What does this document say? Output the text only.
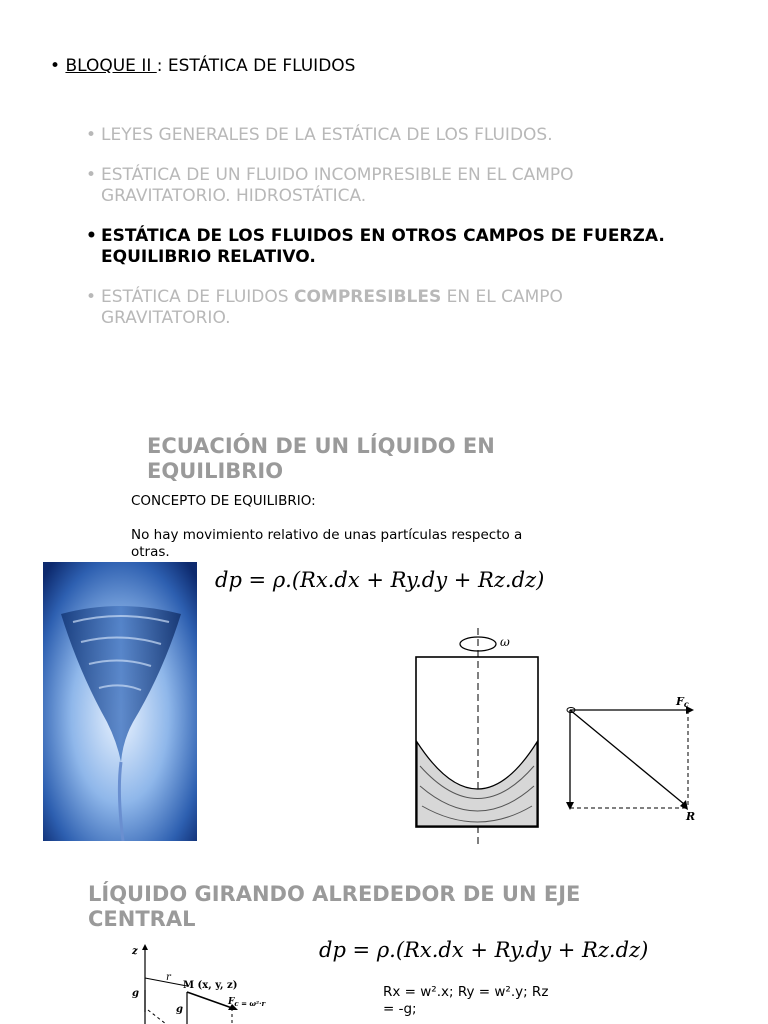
• BLOQUE II : ESTÁTICA DE FLUIDOS
• LEYES GENERALES DE LA ESTÁTICA DE LOS FLUIDOS.
• ESTÁTICA DE UN FLUIDO INCOMPRESIBLE EN EL CAMPO
GRAVITATORIO. HIDROSTÁTICA.
• ESTÁTICA DE LOS FLUIDOS EN OTROS CAMPOS DE FUERZA.
EQUILIBRIO RELATIVO.
• ESTÁTICA DE FLUIDOS COMPRESIBLES EN EL CAMPO
GRAVITATORIO.
ECUACIÓN DE UN LÍQUIDO EN
EQUILIBRIO
CONCEPTO DE EQUILIBRIO:
No hay movimiento relativo de unas partículas respecto a
otras.
dp = ρ.(Rx.dx + Ry.dy + Rz.dz)
ω
Fc
R
LÍQUIDO GIRANDO ALREDEDOR DE UN EJE
CENTRAL
dp = ρ.(Rx.dx + Ry.dy + Rz.dz)
Rx = w².x; Ry = w².y; Rz
= -g;
z
r
M (x, y, z)
$F_{c = \omega^2\cdot r}$
g
g
